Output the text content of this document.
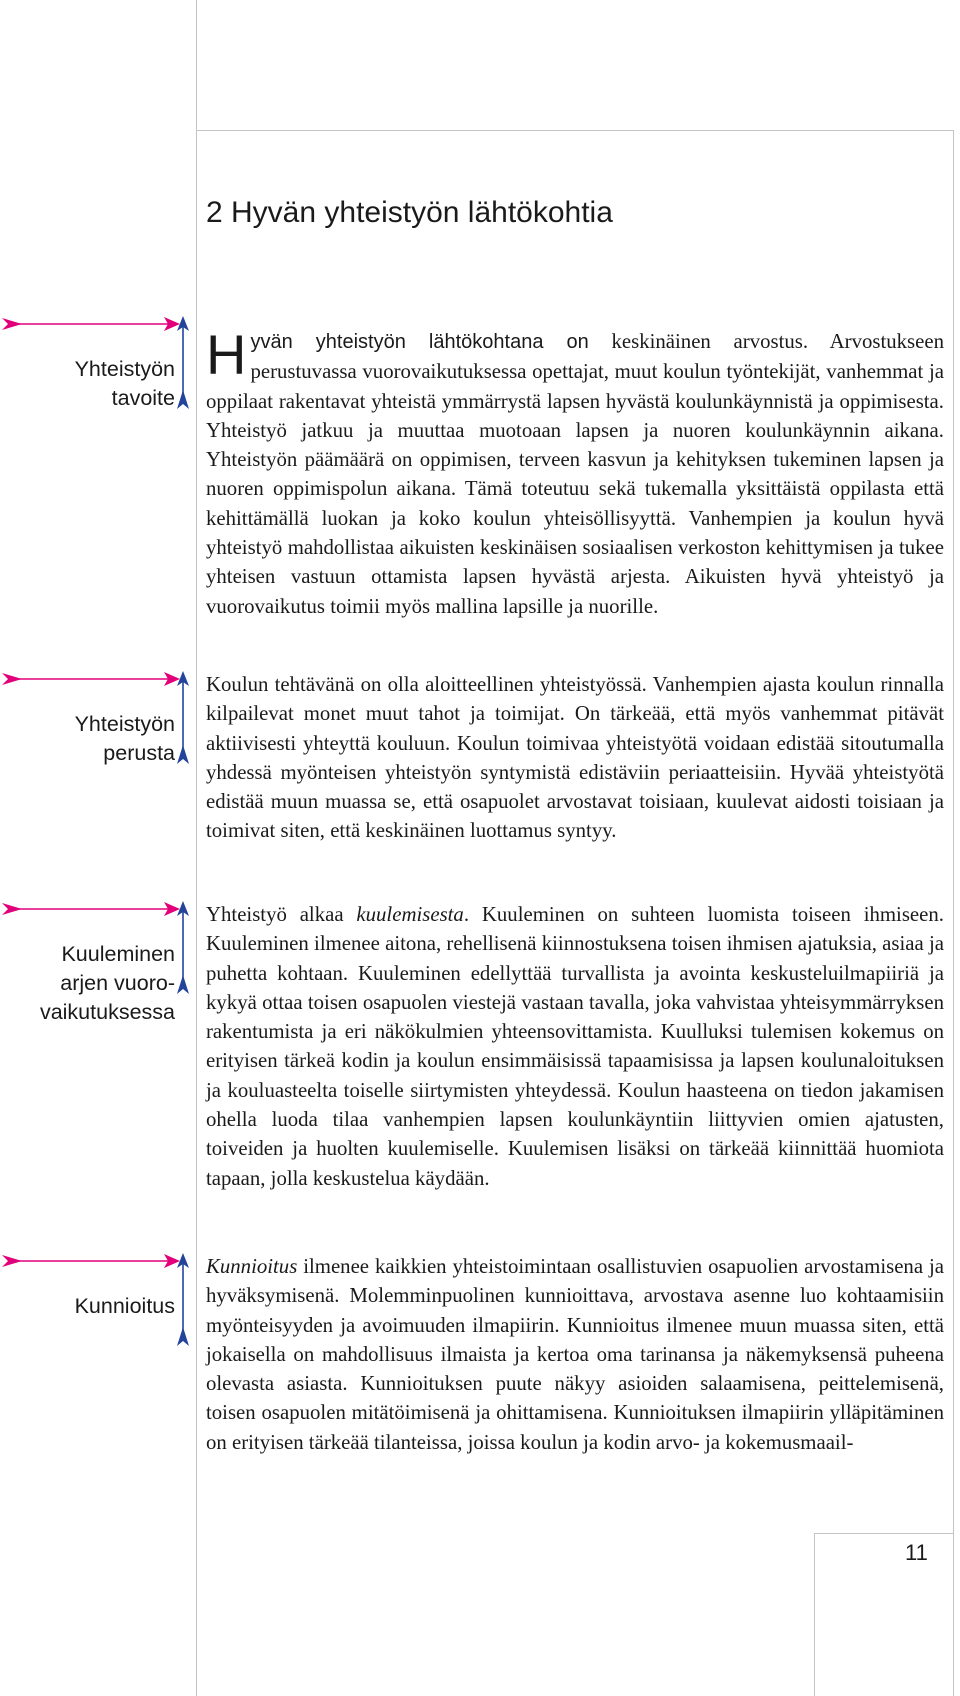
2 Hyvän yhteistyön lähtökohtia
Yhteistyön
tavoite

Hyvän yhteistyön lähtökohtana on keskinäinen arvostus. Arvostukseen perustuvassa vuorovaikutuksessa opettajat, muut koulun työntekijät, vanhemmat ja oppilaat rakentavat yhteistä ymmärrystä lapsen hyvästä koulunkäynnistä ja oppimisesta. Yhteistyö jatkuu ja muuttaa muotoaan lapsen ja nuoren koulunkäynnin aikana. Yhteistyön päämäärä on oppimisen, terveen kasvun ja kehityksen tukeminen lapsen ja nuoren oppimispolun aikana. Tämä toteutuu sekä tukemalla yksittäistä oppilasta että kehittämällä luokan ja koko koulun yhteisöllisyyttä. Vanhempien ja koulun hyvä yhteistyö mahdollistaa aikuisten keskinäisen sosiaalisen verkoston kehittymisen ja tukee yhteisen vastuun ottamista lapsen hyvästä arjesta. Aikuisten hyvä yhteistyö ja vuorovaikutus toimii myös mallina lapsille ja nuorille.

Yhteistyön
perusta

Koulun tehtävänä on olla aloitteellinen yhteistyössä. Vanhempien ajasta koulun rinnalla kilpailevat monet muut tahot ja toimijat. On tärkeää, että myös vanhemmat pitävät aktiivisesti yhteyttä kouluun. Koulun toimivaa yhteistyötä voidaan edistää sitoutumalla yhdessä myönteisen yhteistyön syntymistä edistäviin periaatteisiin. Hyvää yhteistyötä edistää muun muassa se, että osapuolet arvostavat toisiaan, kuulevat aidosti toisiaan ja toimivat siten, että keskinäinen luottamus syntyy.

Kuuleminen
arjen vuoro-
vaikutuksessa

Yhteistyö alkaa kuulemisesta. Kuuleminen on suhteen luomista toiseen ihmiseen. Kuuleminen ilmenee aitona, rehellisenä kiinnostuksena toisen ihmisen ajatuksia, asiaa ja puhetta kohtaan. Kuuleminen edellyttää turvallista ja avointa keskusteluilmapiiriä ja kykyä ottaa toisen osapuolen viestejä vastaan tavalla, joka vahvistaa yhteisymmärryksen rakentumista ja eri näkökulmien yhteensovittamista. Kuulluksi tulemisen kokemus on erityisen tärkeä kodin ja koulun ensimmäisissä tapaamisissa ja lapsen koulunaloituksen ja kouluasteelta toiselle siirtymisten yhteydessä. Koulun haasteena on tiedon jakamisen ohella luoda tilaa vanhempien lapsen koulunkäyntiin liittyvien omien ajatusten, toiveiden ja huolten kuulemiselle. Kuulemisen lisäksi on tärkeää kiinnittää huomiota tapaan, jolla keskustelua käydään.

Kunnioitus

Kunnioitus ilmenee kaikkien yhteistoimintaan osallistuvien osapuolien arvostamisena ja hyväksymisenä. Molemminpuolinen kunnioittava, arvostava asenne luo kohtaamisiin myönteisyyden ja avoimuuden ilmapiirin. Kunnioitus ilmenee muun muassa siten, että jokaisella on mahdollisuus ilmaista ja kertoa oma tarinansa ja näkemyksensä puheena olevasta asiasta. Kunnioituksen puute näkyy asioiden salaamisena, peittelemisenä, toisen osapuolen mitätöimisenä ja ohittamisena. Kunnioituksen ilmapiirin ylläpitäminen on erityisen tärkeää tilanteissa, joissa koulun ja kodin arvo- ja kokemusmaail-

11
